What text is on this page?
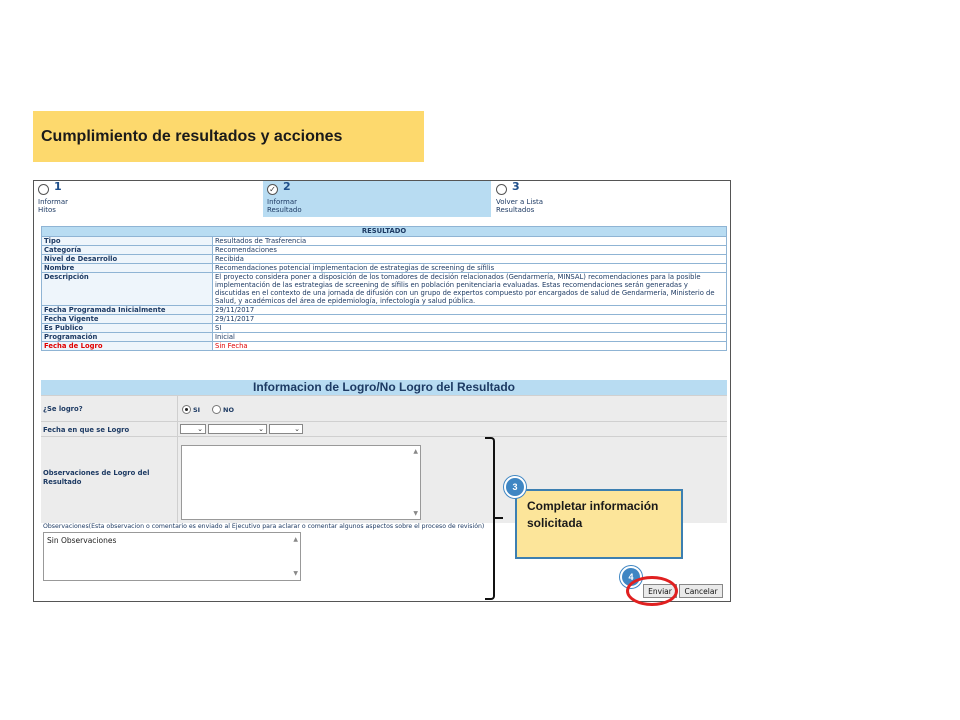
Cumplimiento de resultados y acciones
1
Informar
Hitos
✓ 2
Informar
Resultado
3
Volver a Lista
Resultados
RESULTADO	
Tipo	Resultados de Trasferencia
Categoría	Recomendaciones
Nivel de Desarrollo	Recibida
Nombre	Recomendaciones potencial implementacion de estrategias de screening de sífilis
Descripción	El proyecto considera poner a disposición de los tomadores de decisión relacionados (Gendarmería, MINSAL) recomendaciones para la posible implementación de las estrategias de screening de sífilis en población penitenciaria evaluadas. Estas recomendaciones serán generadas y discutidas en el contexto de una jornada de difusión con un grupo de expertos compuesto por encargados de salud de Gendarmería, Ministerio de Salud, y académicos del área de epidemiología, infectología y salud pública.
Fecha Programada Inicialmente	29/11/2017
Fecha Vigente	29/11/2017
Es Publico	SI
Programación	Inicial
Fecha de Logro	Sin Fecha
Informacion de Logro/No Logro del Resultado
¿Se logro?	SI	NO
Fecha en que se Logro	⌄	⌄	⌄
Observaciones de Logro del Resultado
▲
▼
Observaciones(Esta observacion o comentario es enviado al Ejecutivo para aclarar o comentar algunos aspectos sobre el proceso de revisión)
Sin Observaciones	▲
▼
Enviar	Cancelar
Completar información solicitada
3
4
